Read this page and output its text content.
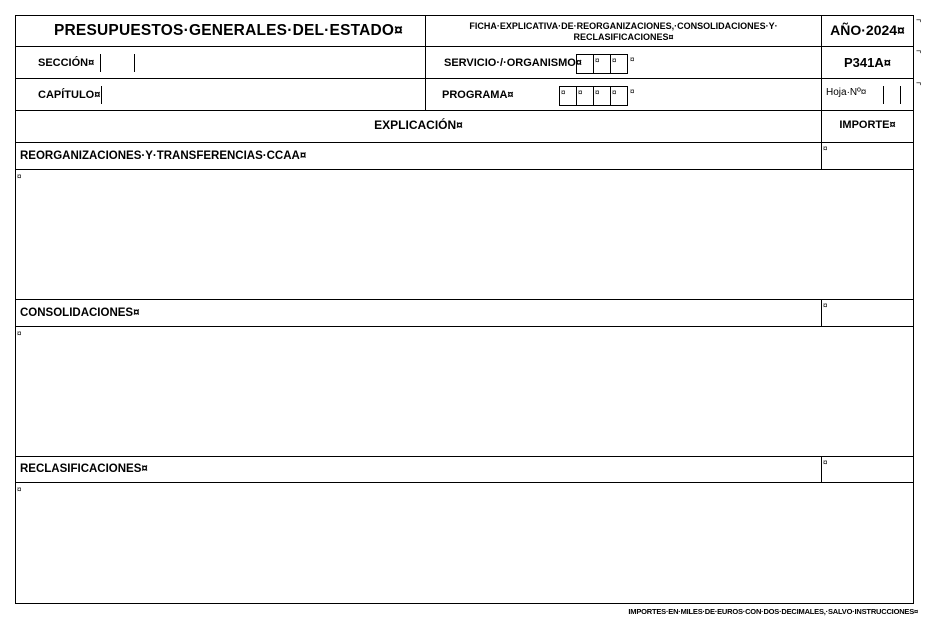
PRESUPUESTOS·GENERALES·DEL·ESTADO¤	FICHA·EXPLICATIVA·DE·REORGANIZACIONES,·CONSOLIDACIONES·Y·
RECLASIFICACIONES¤	AÑO·2024¤
SECCIÓN¤	SERVICIO·/·ORGANISMO¤ ¤ ¤ ¤	P341A¤
CAPÍTULO¤	PROGRAMA¤	¤ ¤ ¤ ¤ ¤	Hoja·Nº¤
EXPLICACIÓN¤	IMPORTE¤
REORGANIZACIONES·Y·TRANSFERENCIAS·CCAA¤
¤
¤
CONSOLIDACIONES¤
¤
¤
RECLASIFICACIONES¤
¤
¤
¬
¬
¬
IMPORTES·EN·MILES·DE·EUROS·CON·DOS·DECIMALES,·SALVO·INSTRUCCIONES¤
